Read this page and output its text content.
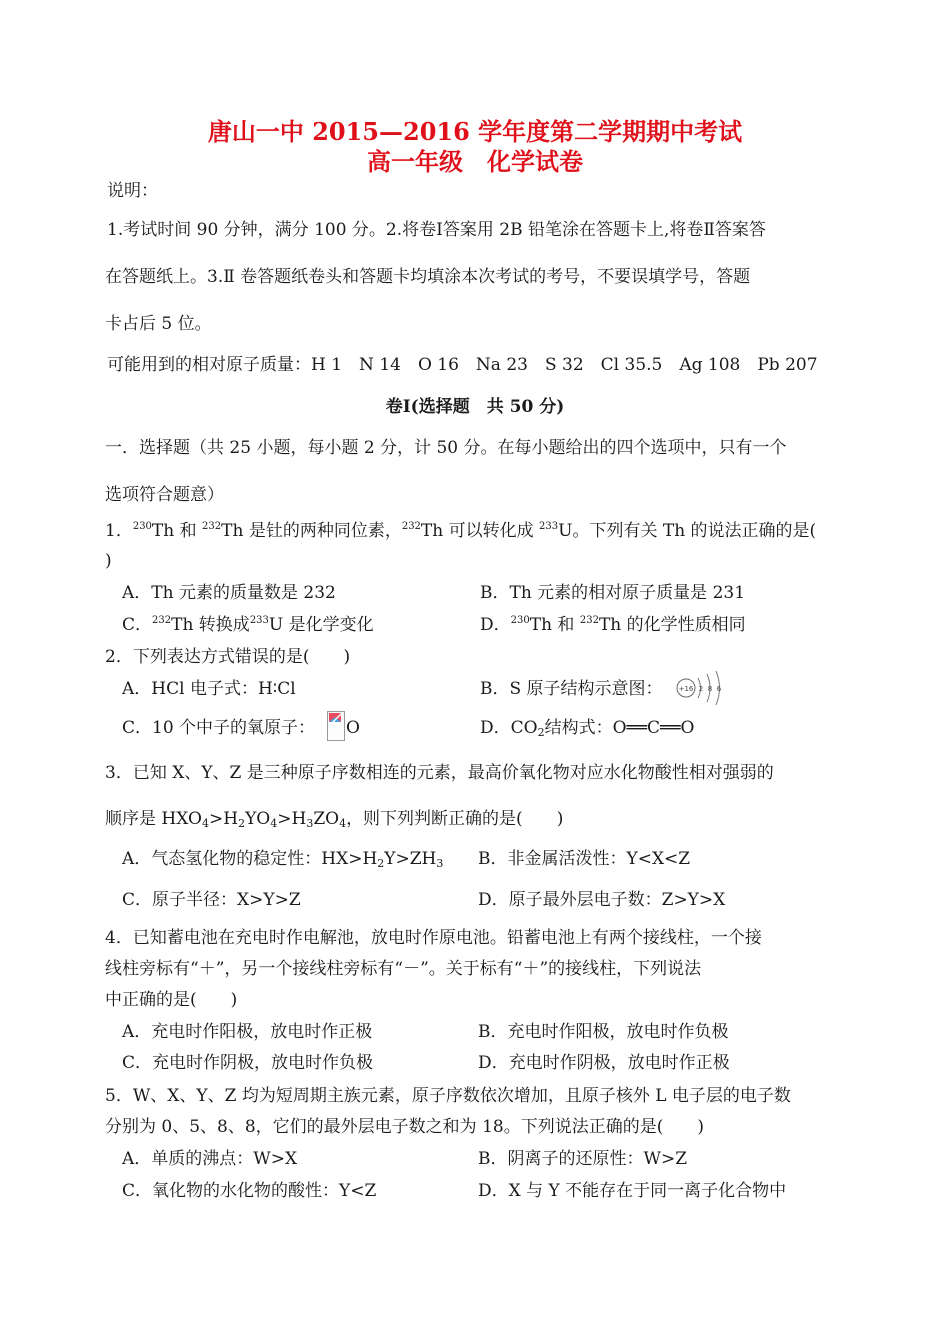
唐山一中 2015—2016 学年度第二学期期中考试
高一年级　化学试卷
说明：
1.考试时间 90 分钟，满分 100 分。2.将卷Ⅰ答案用 2B 铅笔涂在答题卡上,将卷Ⅱ答案答
在答题纸上。3.Ⅱ 卷答题纸卷头和答题卡均填涂本次考试的考号，不要误填学号，答题
卡占后 5 位。
可能用到的相对原子质量：H 1　N 14　O 16　Na 23　S 32　Cl 35.5　Ag 108　Pb 207
卷Ⅰ(选择题　共 50 分)
一．选择题（共 25 小题，每小题 2 分，计 50 分。在每小题给出的四个选项中，只有一个
选项符合题意）
1．$^{230}$Th 和 $^{232}$Th 是钍的两种同位素，$^{232}$Th 可以转化成 $^{233}$U。下列有关 Th 的说法正确的是(
)
A．Th 元素的质量数是 232	B．Th 元素的相对原子质量是 231
C．$^{232}$Th 转换成$^{233}$U 是化学变化	D．$^{230}$Th 和 $^{232}$Th 的化学性质相同
2．下列表达方式错误的是(　　)
A．HCl 电子式：H∶Cl	B．S 原子结构示意图： +16 2 8 6
C．10 个中子的氧原子： O	D．$CO_2$结构式：O══C══O
3．已知 X、Y、Z 是三种原子序数相连的元素，最高价氧化物对应水化物酸性相对强弱的
顺序是 $HXO_4>H_2YO_4>H_3ZO_4$，则下列判断正确的是(　　)
A．气态氢化物的稳定性：$HX>H_2Y>ZH_3$ B．非金属活泼性：Y<X<Z
C．原子半径：X>Y>Z	D．原子最外层电子数：Z>Y>X
4．已知蓄电池在充电时作电解池，放电时作原电池。铅蓄电池上有两个接线柱，一个接
线柱旁标有“＋”，另一个接线柱旁标有“－”。关于标有“＋”的接线柱，下列说法
中正确的是(　　)
A．充电时作阳极，放电时作正极	B．充电时作阳极，放电时作负极
C．充电时作阴极，放电时作负极	D．充电时作阴极，放电时作正极
5．W、X、Y、Z 均为短周期主族元素，原子序数依次增加，且原子核外 L 电子层的电子数
分别为 0、5、8、8，它们的最外层电子数之和为 18。下列说法正确的是(　　)
A．单质的沸点：W>X	B．阴离子的还原性：W>Z
C．氧化物的水化物的酸性：Y<Z	D．X 与 Y 不能存在于同一离子化合物中
